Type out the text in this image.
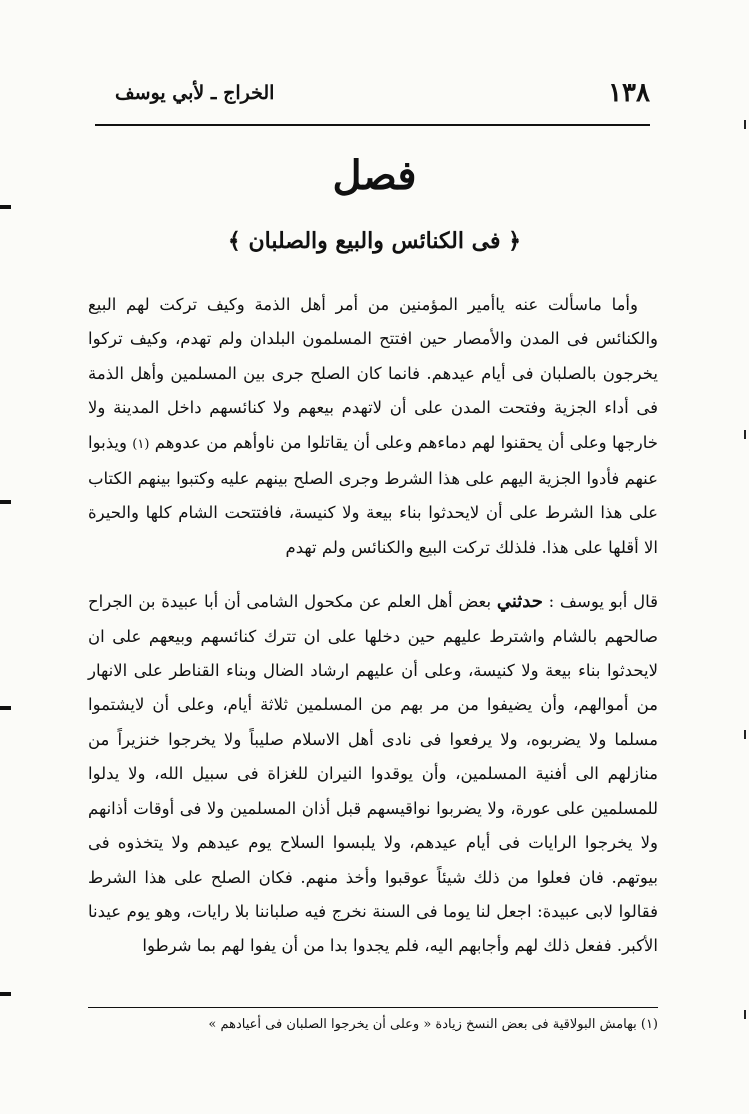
١٣٨
الخراج ـ لأبي يوسف
فصل
﴿ فى الكنائس والبيع والصلبان ﴾

وأما ماسألت عنه ياأمير المؤمنين من أمر أهل الذمة وكيف تركت لهم البيع والكنائس فى المدن والأمصار حين افتتح المسلمون البلدان ولم تهدم، وكيف تركوا يخرجون بالصلبان فى أيام عيدهم. فانما كان الصلح جرى بين المسلمين وأهل الذمة فى أداء الجزية وفتحت المدن على أن لاتهدم بيعهم ولا كنائسهم داخل المدينة ولا خارجها وعلى أن يحقنوا لهم دماءهم وعلى أن يقاتلوا من ناوأهم من عدوهم (١) ويذبوا عنهم فأدوا الجزية اليهم على هذا الشرط وجرى الصلح بينهم عليه وكتبوا بينهم الكتاب على هذا الشرط على أن لايحدثوا بناء بيعة ولا كنيسة، فافتتحت الشام كلها والحيرة الا أقلها على هذا. فلذلك تركت البيع والكنائس ولم تهدم

قال أبو يوسف : حدثني بعض أهل العلم عن مكحول الشامى أن أبا عبيدة بن الجراح صالحهم بالشام واشترط عليهم حين دخلها على ان تترك كنائسهم وبيعهم على ان لايحدثوا بناء بيعة ولا كنيسة، وعلى أن عليهم ارشاد الضال وبناء القناطر على الانهار من أموالهم، وأن يضيفوا من مر بهم من المسلمين ثلاثة أيام، وعلى أن لايشتموا مسلما ولا يضربوه، ولا يرفعوا فى نادى أهل الاسلام صليباً ولا يخرجوا خنزيراً من منازلهم الى أفنية المسلمين، وأن يوقدوا النيران للغزاة فى سبيل الله، ولا يدلوا للمسلمين على عورة، ولا يضربوا نواقيسهم قبل أذان المسلمين ولا فى أوقات أذانهم ولا يخرجوا الرايات فى أيام عيدهم، ولا يلبسوا السلاح يوم عيدهم ولا يتخذوه فى بيوتهم. فان فعلوا من ذلك شيئاً عوقبوا وأخذ منهم. فكان الصلح على هذا الشرط فقالوا لابى عبيدة: اجعل لنا يوما فى السنة نخرج فيه صلباننا بلا رايات، وهو يوم عيدنا الأكبر. ففعل ذلك لهم وأجابهم اليه، فلم يجدوا بدا من أن يفوا لهم بما شرطوا

(١) بهامش البولاقية فى بعض النسخ زيادة « وعلى أن يخرجوا الصلبان فى أعيادهم »
